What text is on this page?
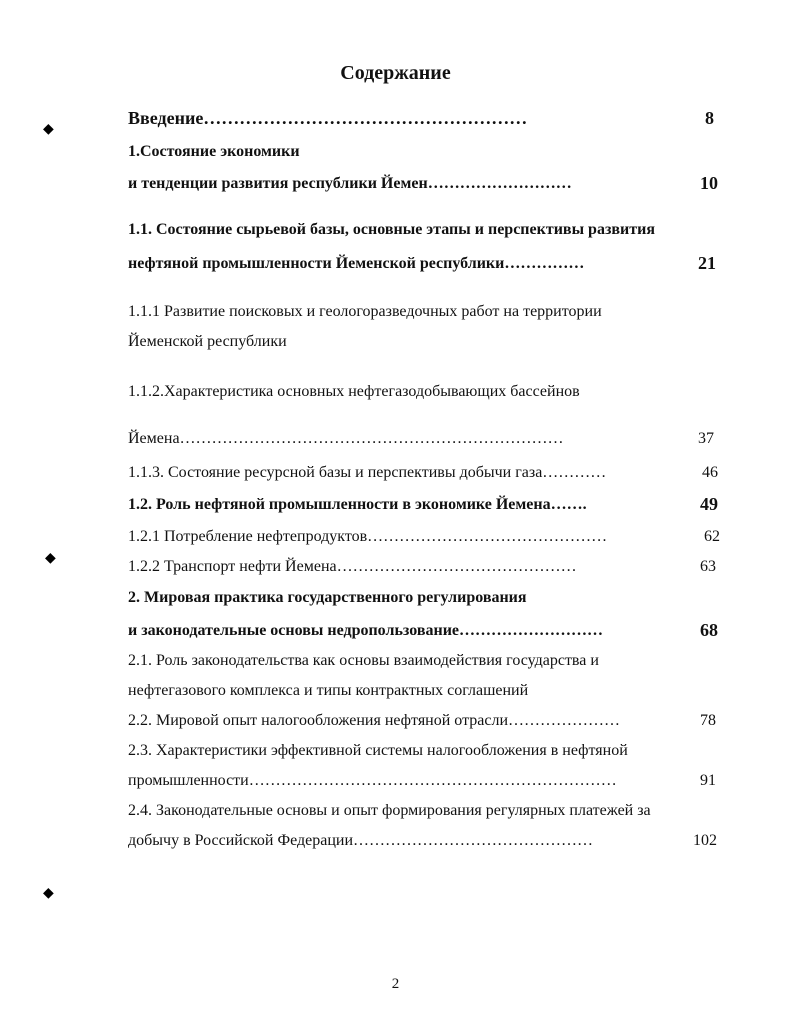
Содержание
◆
◆
◆
Введение………………………………………………	8
1.Состояние экономики
и тенденции развития республики Йемен………………………	10
1.1. Состояние сырьевой базы, основные этапы и перспективы развития
нефтяной промышленности Йеменской республики……………	21
1.1.1 Развитие поисковых и геологоразведочных работ на территории
Йеменской республики
1.1.2.Характеристика основных нефтегазодобывающих бассейнов
Йемена………………………………………………………………	37
1.1.3. Состояние ресурсной базы и перспективы добычи газа…………	46
1.2. Роль нефтяной промышленности в экономике Йемена…….	49
1.2.1 Потребление нефтепродуктов………………………………………	62
1.2.2 Транспорт нефти Йемена………………………………………	63
2. Мировая практика государственного регулирования
и законодательные основы недропользование………………………	68
2.1. Роль законодательства как основы взаимодействия государства и
нефтегазового комплекса и типы контрактных соглашений
2.2. Мировой опыт налогообложения нефтяной отрасли…………………	78
2.3. Характеристики эффективной системы налогообложения в нефтяной
промышленности……………………………………………………………	91
2.4. Законодательные основы и опыт формирования регулярных платежей за
добычу в Российской Федерации………………………………………	102
2
